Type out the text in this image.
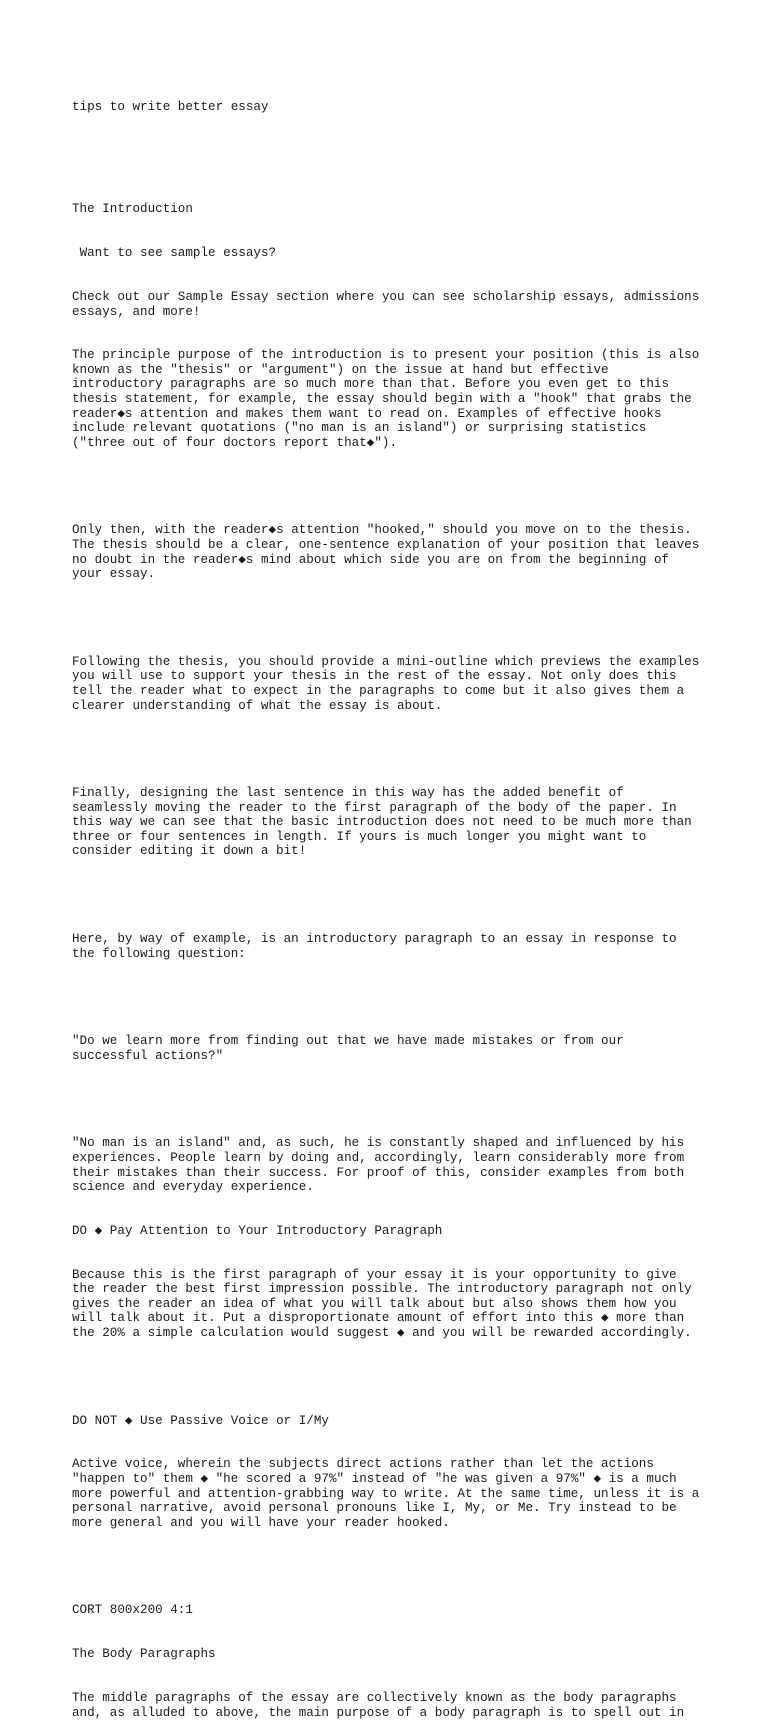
tips to write better essay

The Introduction

Want to see sample essays?

Check out our Sample Essay section where you can see scholarship essays, admissions
essays, and more!

The principle purpose of the introduction is to present your position (this is also
known as the "thesis" or "argument") on the issue at hand but effective
introductory paragraphs are so much more than that. Before you even get to this
thesis statement, for example, the essay should begin with a "hook" that grabs the
reader◆s attention and makes them want to read on. Examples of effective hooks
include relevant quotations ("no man is an island") or surprising statistics
("three out of four doctors report that◆").

Only then, with the reader◆s attention "hooked," should you move on to the thesis.
The thesis should be a clear, one-sentence explanation of your position that leaves
no doubt in the reader◆s mind about which side you are on from the beginning of
your essay.

Following the thesis, you should provide a mini-outline which previews the examples
you will use to support your thesis in the rest of the essay. Not only does this
tell the reader what to expect in the paragraphs to come but it also gives them a
clearer understanding of what the essay is about.

Finally, designing the last sentence in this way has the added benefit of
seamlessly moving the reader to the first paragraph of the body of the paper. In
this way we can see that the basic introduction does not need to be much more than
three or four sentences in length. If yours is much longer you might want to
consider editing it down a bit!

Here, by way of example, is an introductory paragraph to an essay in response to
the following question:

"Do we learn more from finding out that we have made mistakes or from our
successful actions?"

"No man is an island" and, as such, he is constantly shaped and influenced by his
experiences. People learn by doing and, accordingly, learn considerably more from
their mistakes than their success. For proof of this, consider examples from both
science and everyday experience.

DO ◆ Pay Attention to Your Introductory Paragraph

Because this is the first paragraph of your essay it is your opportunity to give
the reader the best first impression possible. The introductory paragraph not only
gives the reader an idea of what you will talk about but also shows them how you
will talk about it. Put a disproportionate amount of effort into this ◆ more than
the 20% a simple calculation would suggest ◆ and you will be rewarded accordingly.

DO NOT ◆ Use Passive Voice or I/My

Active voice, wherein the subjects direct actions rather than let the actions
"happen to" them ◆ "he scored a 97%" instead of "he was given a 97%" ◆ is a much
more powerful and attention-grabbing way to write. At the same time, unless it is a
personal narrative, avoid personal pronouns like I, My, or Me. Try instead to be
more general and you will have your reader hooked.

CORT 800x200 4:1

The Body Paragraphs

The middle paragraphs of the essay are collectively known as the body paragraphs
and, as alluded to above, the main purpose of a body paragraph is to spell out in
